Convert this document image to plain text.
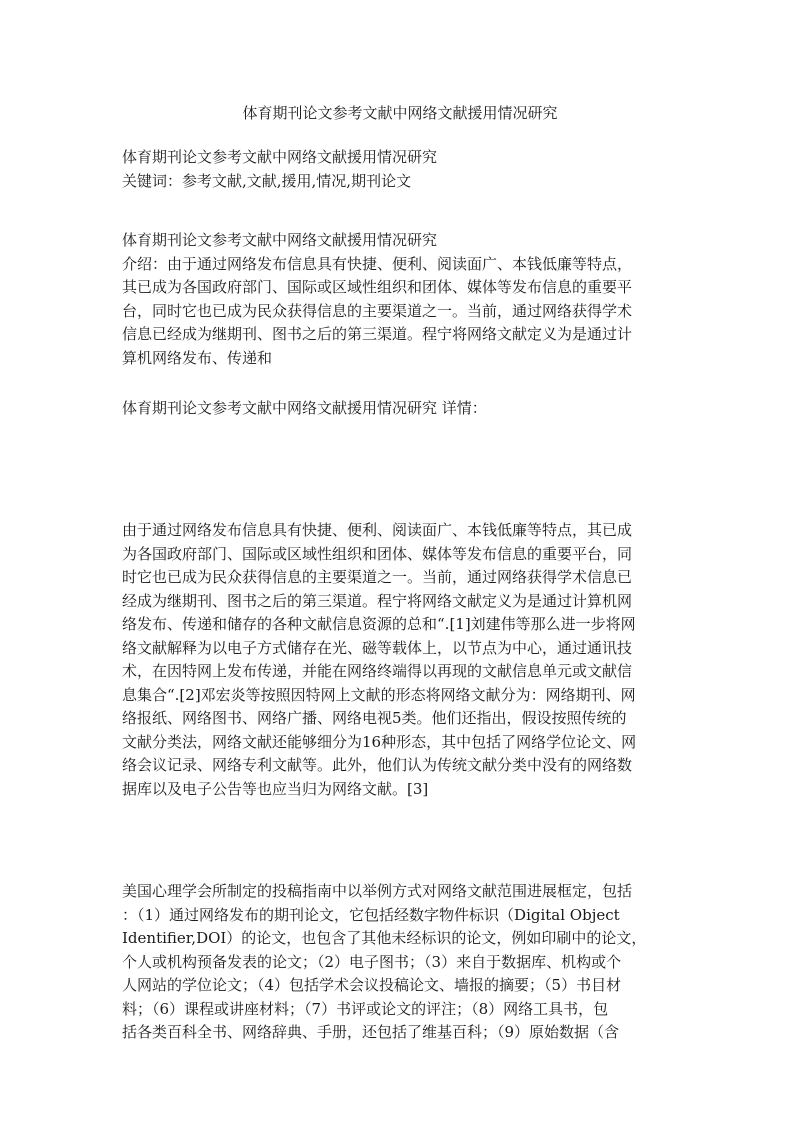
体育期刊论文参考文献中网络文献援用情况研究
体育期刊论文参考文献中网络文献援用情况研究
关键词：参考文献,文献,援用,情况,期刊论文
体育期刊论文参考文献中网络文献援用情况研究
介绍：由于通过网络发布信息具有快捷、便利、阅读面广、本钱低廉等特点，
其已成为各国政府部门、国际或区域性组织和团体、媒体等发布信息的重要平
台，同时它也已成为民众获得信息的主要渠道之一。当前，通过网络获得学术
信息已经成为继期刊、图书之后的第三渠道。程宁将网络文献定义为是通过计
算机网络发布、传递和
体育期刊论文参考文献中网络文献援用情况研究 详情：
由于通过网络发布信息具有快捷、便利、阅读面广、本钱低廉等特点，其已成
为各国政府部门、国际或区域性组织和团体、媒体等发布信息的重要平台，同
时它也已成为民众获得信息的主要渠道之一。当前，通过网络获得学术信息已
经成为继期刊、图书之后的第三渠道。程宁将网络文献定义为是通过计算机网
络发布、传递和储存的各种文献信息资源的总和“.[1]刘建伟等那么进一步将网
络文献解释为以电子方式储存在光、磁等载体上，以节点为中心，通过通讯技
术，在因特网上发布传递，并能在网络终端得以再现的文献信息单元或文献信
息集合“.[2]邓宏炎等按照因特网上文献的形态将网络文献分为：网络期刊、网
络报纸、网络图书、网络广播、网络电视5类。他们还指出，假设按照传统的
文献分类法，网络文献还能够细分为16种形态，其中包括了网络学位论文、网
络会议记录、网络专利文献等。此外，他们认为传统文献分类中没有的网络数
据库以及电子公告等也应当归为网络文献。[3]
美国心理学会所制定的投稿指南中以举例方式对网络文献范围进展框定，包括
：（1）通过网络发布的期刊论文，它包括经数字物件标识（Digital Object
Identifier,DOI）的论文，也包含了其他未经标识的论文，例如印刷中的论文，
个人或机构预备发表的论文；（2）电子图书；（3）来自于数据库、机构或个
人网站的学位论文；（4）包括学术会议投稿论文、墙报的摘要；（5）书目材
料；（6）课程或讲座材料；（7）书评或论文的评注；（8）网络工具书，包
括各类百科全书、网络辞典、手册，还包括了维基百科；（9）原始数据（含
